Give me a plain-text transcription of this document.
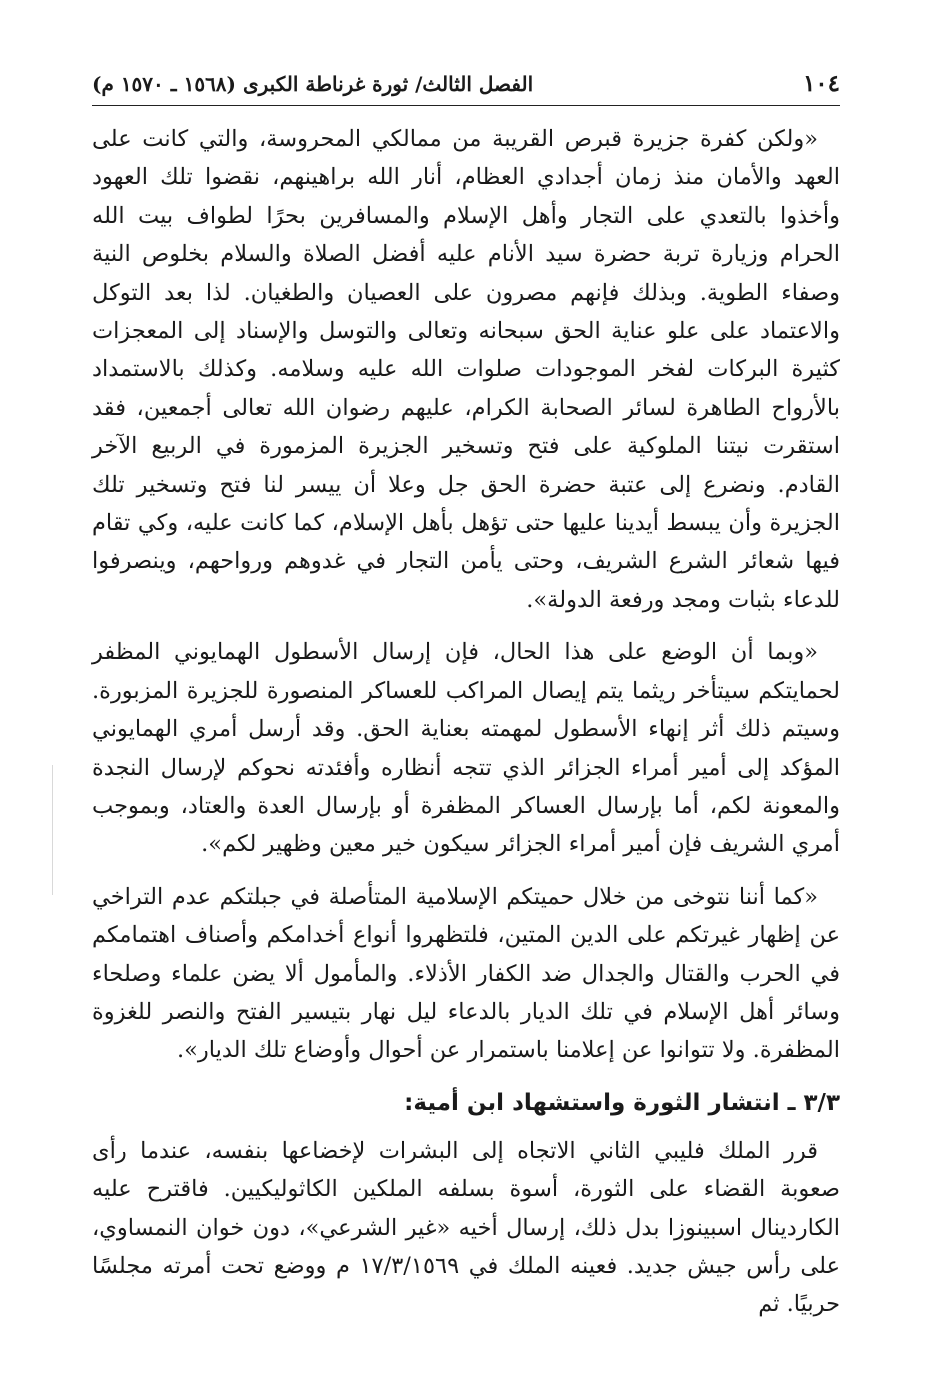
١٠٤
الفصل الثالث/ ثورة غرناطة الكبرى (١٥٦٨ ـ ١٥٧٠ م)

«ولكن كفرة جزيرة قبرص القريبة من ممالكي المحروسة، والتي كانت على العهد والأمان منذ زمان أجدادي العظام، أنار الله براهينهم، نقضوا تلك العهود وأخذوا بالتعدي على التجار وأهل الإسلام والمسافرين بحرًا لطواف بيت الله الحرام وزيارة تربة حضرة سيد الأنام عليه أفضل الصلاة والسلام بخلوص النية وصفاء الطوية. وبذلك فإنهم مصرون على العصيان والطغيان. لذا بعد التوكل والاعتماد على علو عناية الحق سبحانه وتعالى والتوسل والإسناد إلى المعجزات كثيرة البركات لفخر الموجودات صلوات الله عليه وسلامه. وكذلك بالاستمداد بالأرواح الطاهرة لسائر الصحابة الكرام، عليهم رضوان الله تعالى أجمعين، فقد استقرت نيتنا الملوكية على فتح وتسخير الجزيرة المزمورة في الربيع الآخر القادم. ونضرع إلى عتبة حضرة الحق جل وعلا أن ييسر لنا فتح وتسخير تلك الجزيرة وأن يبسط أيدينا عليها حتى تؤهل بأهل الإسلام، كما كانت عليه، وكي تقام فيها شعائر الشرع الشريف، وحتى يأمن التجار في غدوهم ورواحهم، وينصرفوا للدعاء بثبات ومجد ورفعة الدولة».

«وبما أن الوضع على هذا الحال، فإن إرسال الأسطول الهمايوني المظفر لحمايتكم سيتأخر ريثما يتم إيصال المراكب للعساكر المنصورة للجزيرة المزبورة. وسيتم ذلك أثر إنهاء الأسطول لمهمته بعناية الحق. وقد أرسل أمري الهمايوني المؤكد إلى أمير أمراء الجزائر الذي تتجه أنظاره وأفئدته نحوكم لإرسال النجدة والمعونة لكم، أما بإرسال العساكر المظفرة أو بإرسال العدة والعتاد، وبموجب أمري الشريف فإن أمير أمراء الجزائر سيكون خير معين وظهير لكم».

«كما أننا نتوخى من خلال حميتكم الإسلامية المتأصلة في جبلتكم عدم التراخي عن إظهار غيرتكم على الدين المتين، فلتظهروا أنواع أخدامكم وأصناف اهتمامكم في الحرب والقتال والجدال ضد الكفار الأذلاء. والمأمول ألا يضن علماء وصلحاء وسائر أهل الإسلام في تلك الديار بالدعاء ليل نهار بتيسير الفتح والنصر للغزوة المظفرة. ولا تتوانوا عن إعلامنا باستمرار عن أحوال وأوضاع تلك الديار».

٣/٣ ـ انتشار الثورة واستشهاد ابن أمية:

قرر الملك فليبي الثاني الاتجاه إلى البشرات لإخضاعها بنفسه، عندما رأى صعوبة القضاء على الثورة، أسوة بسلفه الملكين الكاثوليكيين. فاقترح عليه الكاردينال اسبينوزا بدل ذلك، إرسال أخيه «غير الشرعي»، دون خوان النمساوي، على رأس جيش جديد. فعينه الملك في ١٧/٣/١٥٦٩ م ووضع تحت أمرته مجلسًا حربيًا. ثم
